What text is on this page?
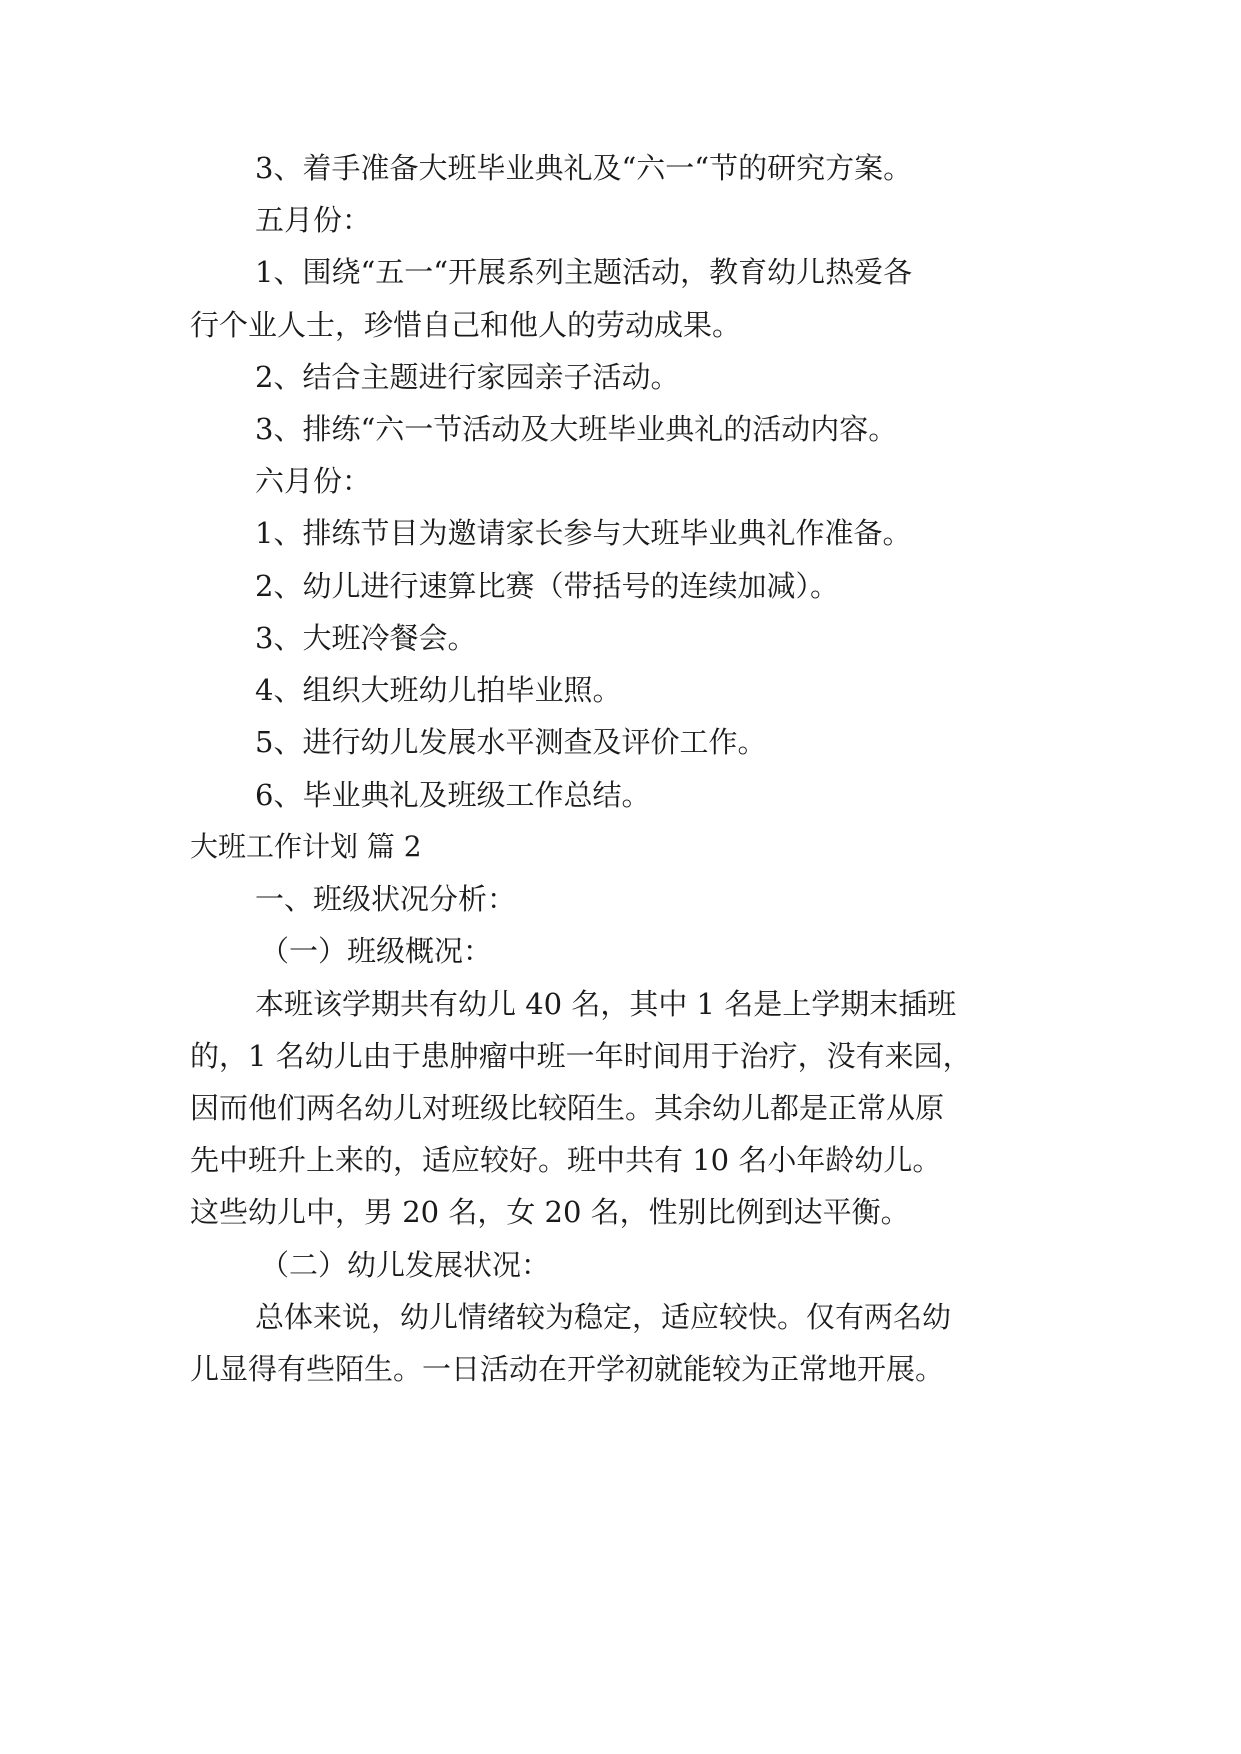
3、着手准备大班毕业典礼及“六一“节的研究方案。
五月份：
1、围绕“五一“开展系列主题活动，教育幼儿热爱各
行个业人士，珍惜自己和他人的劳动成果。
2、结合主题进行家园亲子活动。
3、排练“六一节活动及大班毕业典礼的活动内容。
六月份：
1、排练节目为邀请家长参与大班毕业典礼作准备。
2、幼儿进行速算比赛（带括号的连续加减）。
3、大班冷餐会。
4、组织大班幼儿拍毕业照。
5、进行幼儿发展水平测查及评价工作。
6、毕业典礼及班级工作总结。
大班工作计划 篇 2
一、班级状况分析：
（一）班级概况：
本班该学期共有幼儿 40 名，其中 1 名是上学期末插班
的，1 名幼儿由于患肿瘤中班一年时间用于治疗，没有来园，
因而他们两名幼儿对班级比较陌生。其余幼儿都是正常从原
先中班升上来的，适应较好。班中共有 10 名小年龄幼儿。
这些幼儿中，男 20 名，女 20 名，性别比例到达平衡。
（二）幼儿发展状况：
总体来说，幼儿情绪较为稳定，适应较快。仅有两名幼
儿显得有些陌生。一日活动在开学初就能较为正常地开展。
